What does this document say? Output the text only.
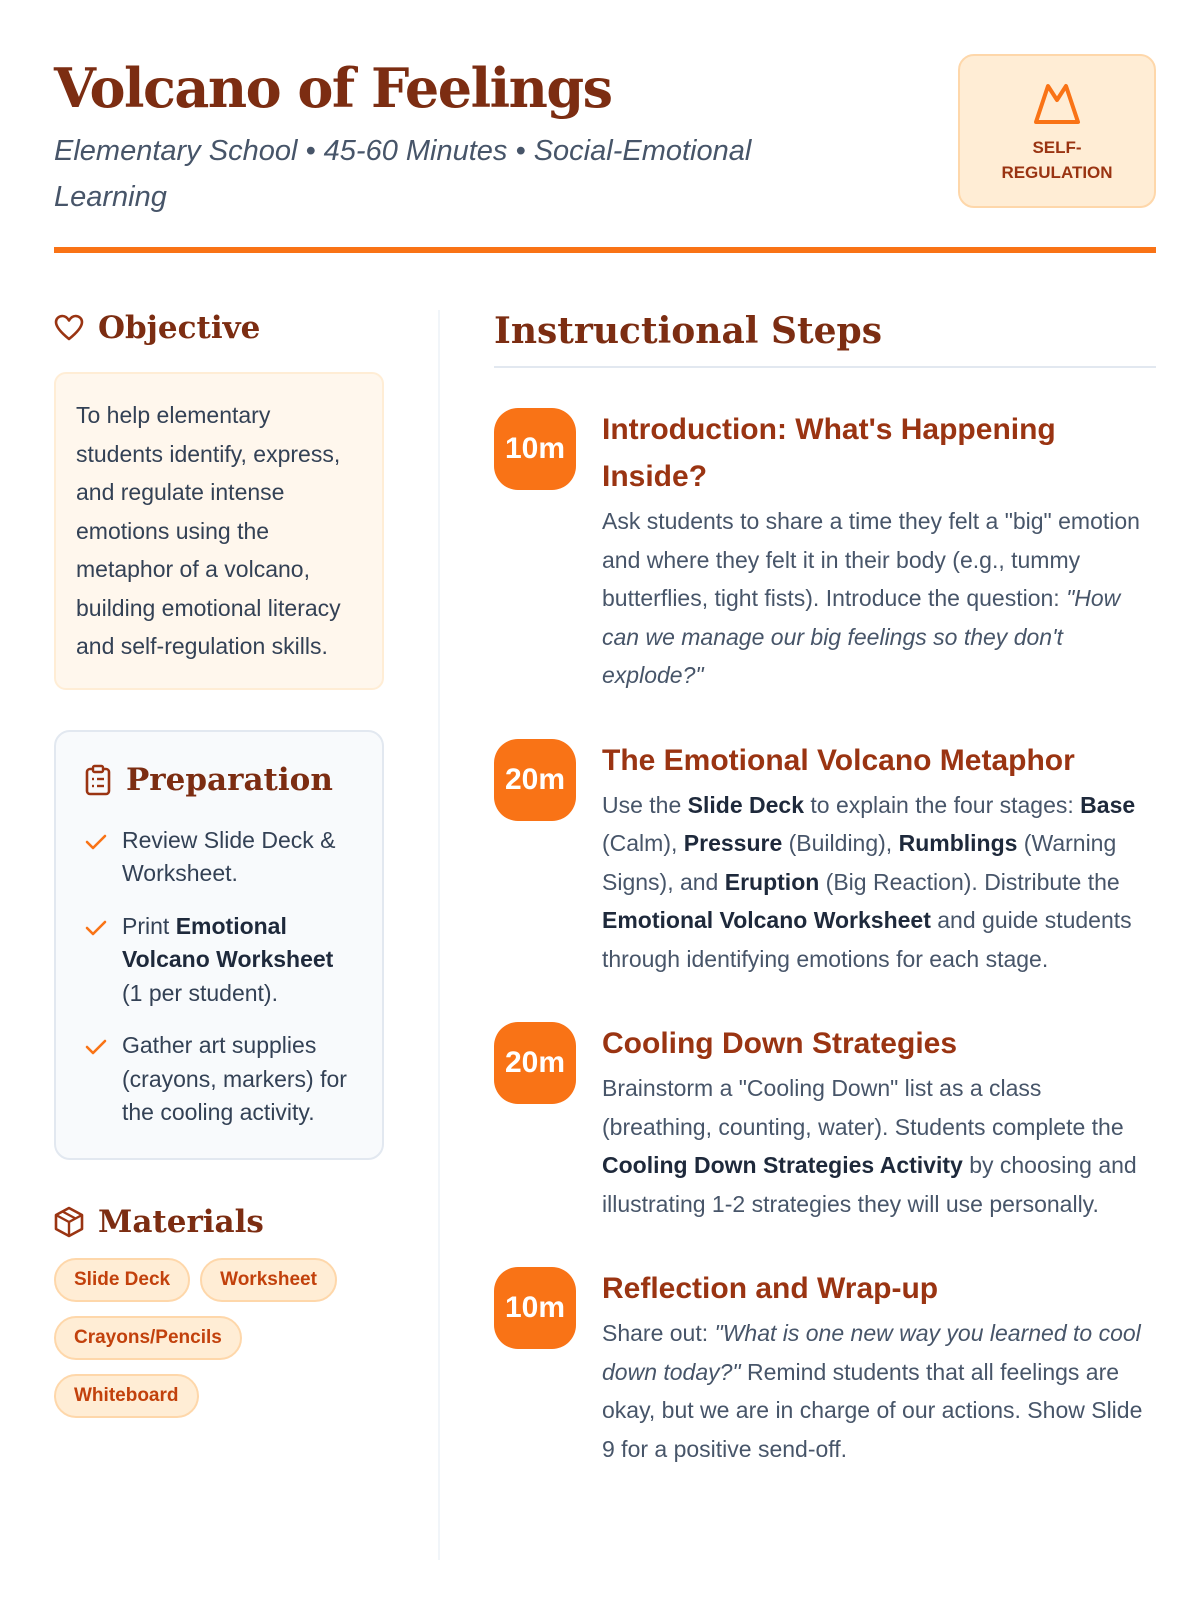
Volcano of Feelings
Elementary School • 45-60 Minutes • Social-Emotional Learning
SELF-REGULATION
Objective
To help elementary students identify, express, and regulate intense emotions using the metaphor of a volcano, building emotional literacy and self-regulation skills.
Preparation
Review Slide Deck & Worksheet.
Print Emotional Volcano Worksheet (1 per student).
Gather art supplies (crayons, markers) for the cooling activity.
Materials
Slide Deck	WorksheetCrayons/PencilsWhiteboard
Instructional Steps
10m
Introduction: What's Happening Inside?

Ask students to share a time they felt a "big" emotion and where they felt it in their body (e.g., tummy butterflies, tight fists). Introduce the question: "How can we manage our big feelings so they don't explode?"

20m
The Emotional Volcano Metaphor

Use the Slide Deck to explain the four stages: Base (Calm), Pressure (Building), Rumblings (Warning Signs), and Eruption (Big Reaction). Distribute the Emotional Volcano Worksheet and guide students through identifying emotions for each stage.

20m
Cooling Down Strategies

Brainstorm a "Cooling Down" list as a class (breathing, counting, water). Students complete the Cooling Down Strategies Activity by choosing and illustrating 1-2 strategies they will use personally.

10m
Reflection and Wrap-up

Share out: "What is one new way you learned to cool down today?" Remind students that all feelings are okay, but we are in charge of our actions. Show Slide 9 for a positive send-off.
